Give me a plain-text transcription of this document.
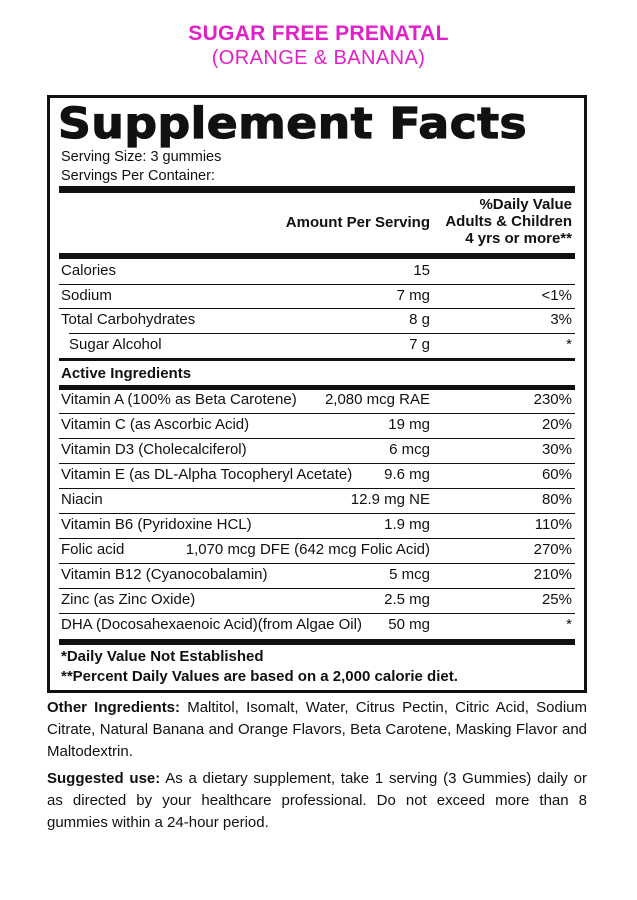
SUGAR FREE PRENATAL
(ORANGE & BANANA)
Supplement Facts
Serving Size: 3 gummies
Servings Per Container:
Amount Per Serving
%Daily Value
Adults & Children
4 yrs or more**
Calories	15
Sodium	7 mg	<1%
Total Carbohydrates	8 g	3%
Sugar Alcohol	7 g	*
Active Ingredients
Vitamin A (100% as Beta Carotene) 2,080 mcg RAE	230%
Vitamin C (as Ascorbic Acid)	19 mg	20%
Vitamin D3 (Cholecalciferol)	6 mcg	30%
Vitamin E (as DL-Alpha Tocopheryl Acetate) 9.6 mg	60%
Niacin	12.9 mg NE	80%
Vitamin B6 (Pyridoxine HCL)	1.9 mg	110%
Folic acid	1,070 mcg DFE (642 mcg Folic Acid)	270%
Vitamin B12 (Cyanocobalamin)	5 mcg	210%
Zinc (as Zinc Oxide)	2.5 mg	25%
DHA (Docosahexaenoic Acid)(from Algae Oil) 50 mg	*
*Daily Value Not Established
**Percent Daily Values are based on a 2,000 calorie diet.
Other Ingredients: Maltitol, Isomalt, Water, Citrus Pectin, Citric Acid, Sodium Citrate, Natural Banana and Orange Flavors, Beta Carotene, Masking Flavor and Maltodextrin.
Suggested use: As a dietary supplement, take 1 serving (3 Gummies) daily or as directed by your healthcare professional. Do not exceed more than 8 gummies within a 24-hour period.
